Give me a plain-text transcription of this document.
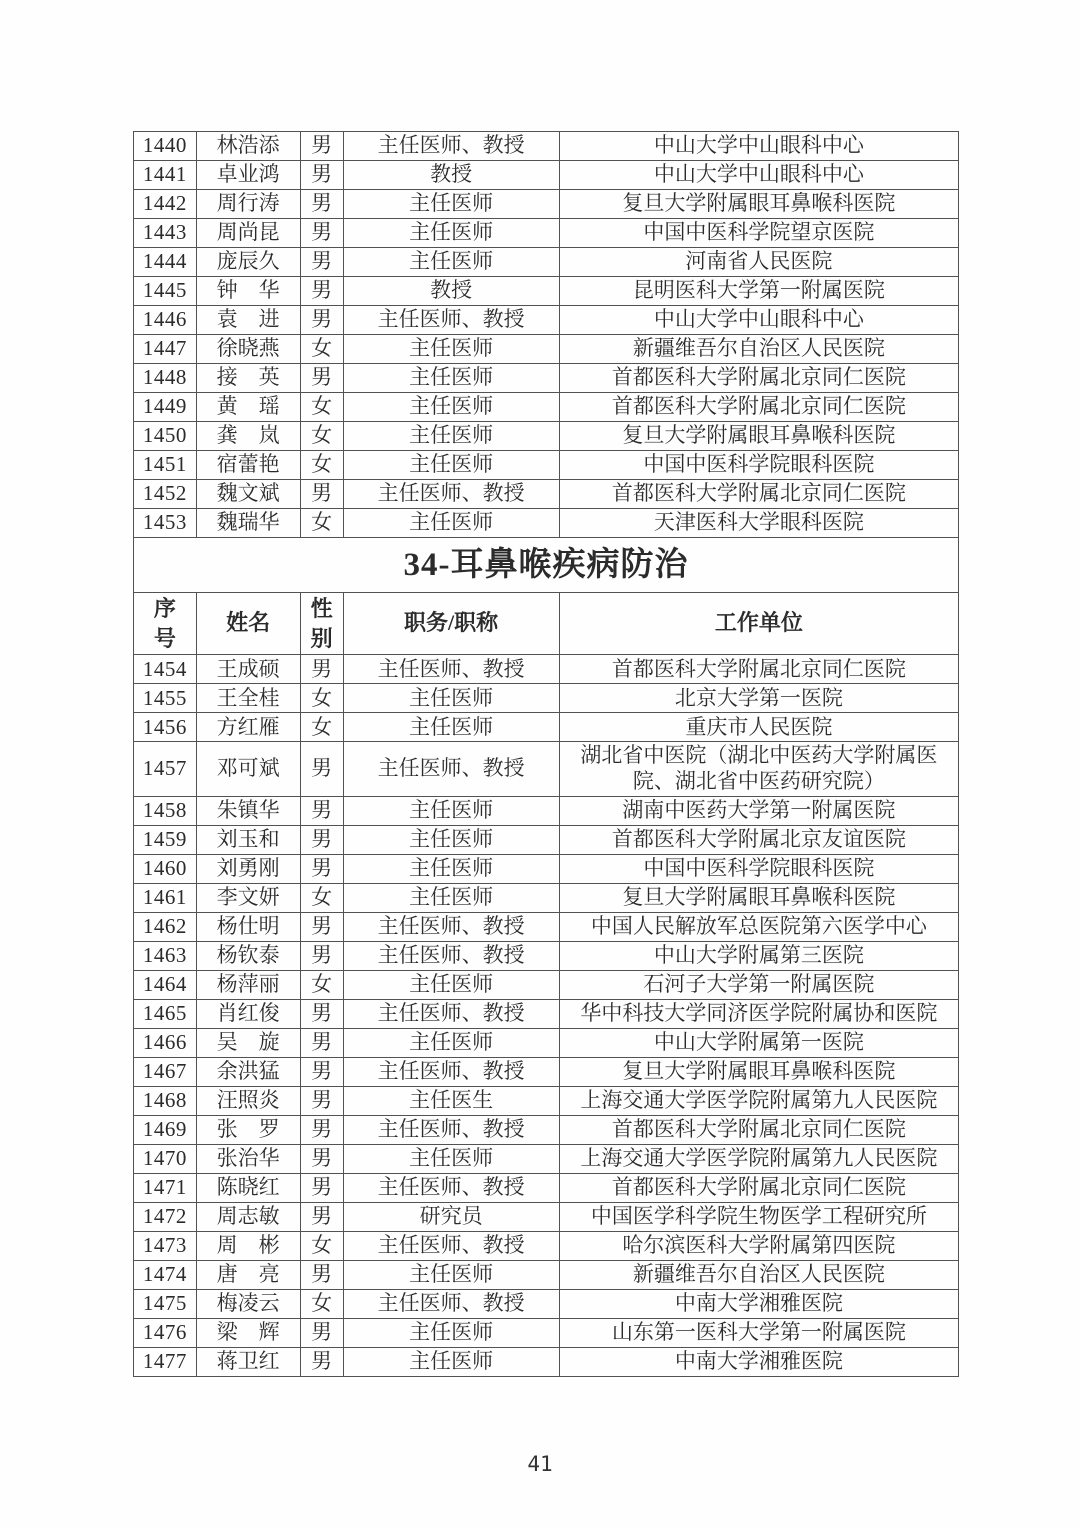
1440	林浩添	男	主任医师、教授	中山大学中山眼科中心
1441	卓业鸿	男	教授	中山大学中山眼科中心
1442	周行涛	男	主任医师	复旦大学附属眼耳鼻喉科医院
1443	周尚昆	男	主任医师	中国中医科学院望京医院
1444	庞辰久	男	主任医师	河南省人民医院
1445	钟　华	男	教授	昆明医科大学第一附属医院
1446	袁　进	男	主任医师、教授	中山大学中山眼科中心
1447	徐晓燕	女	主任医师	新疆维吾尔自治区人民医院
1448	接　英	男	主任医师	首都医科大学附属北京同仁医院
1449	黄　瑶	女	主任医师	首都医科大学附属北京同仁医院
1450	龚　岚	女	主任医师	复旦大学附属眼耳鼻喉科医院
1451	宿蕾艳	女	主任医师	中国中医科学院眼科医院
1452	魏文斌	男	主任医师、教授	首都医科大学附属北京同仁医院
1453	魏瑞华	女	主任医师	天津医科大学眼科医院
34-耳鼻喉疾病防治				

序号	姓名	性别	职务/职称	工作单位
1454	王成硕	男	主任医师、教授	首都医科大学附属北京同仁医院
1455	王全桂	女	主任医师	北京大学第一医院
1456	方红雁	女	主任医师	重庆市人民医院
1457	邓可斌	男	主任医师、教授	湖北省中医院（湖北中医药大学附属医院、湖北省中医药研究院）
1458	朱镇华	男	主任医师	湖南中医药大学第一附属医院
1459	刘玉和	男	主任医师	首都医科大学附属北京友谊医院
1460	刘勇刚	男	主任医师	中国中医科学院眼科医院
1461	李文妍	女	主任医师	复旦大学附属眼耳鼻喉科医院
1462	杨仕明	男	主任医师、教授	中国人民解放军总医院第六医学中心
1463	杨钦泰	男	主任医师、教授	中山大学附属第三医院
1464	杨萍丽	女	主任医师	石河子大学第一附属医院
1465	肖红俊	男	主任医师、教授	华中科技大学同济医学院附属协和医院
1466	吴　旋	男	主任医师	中山大学附属第一医院
1467	余洪猛	男	主任医师、教授	复旦大学附属眼耳鼻喉科医院
1468	汪照炎	男	主任医生	上海交通大学医学院附属第九人民医院
1469	张　罗	男	主任医师、教授	首都医科大学附属北京同仁医院
1470	张治华	男	主任医师	上海交通大学医学院附属第九人民医院
1471	陈晓红	男	主任医师、教授	首都医科大学附属北京同仁医院
1472	周志敏	男	研究员	中国医学科学院生物医学工程研究所
1473	周　彬	女	主任医师、教授	哈尔滨医科大学附属第四医院
1474	唐　亮	男	主任医师	新疆维吾尔自治区人民医院
1475	梅凌云	女	主任医师、教授	中南大学湘雅医院
1476	梁　辉	男	主任医师	山东第一医科大学第一附属医院
1477	蒋卫红	男	主任医师	中南大学湘雅医院
41
